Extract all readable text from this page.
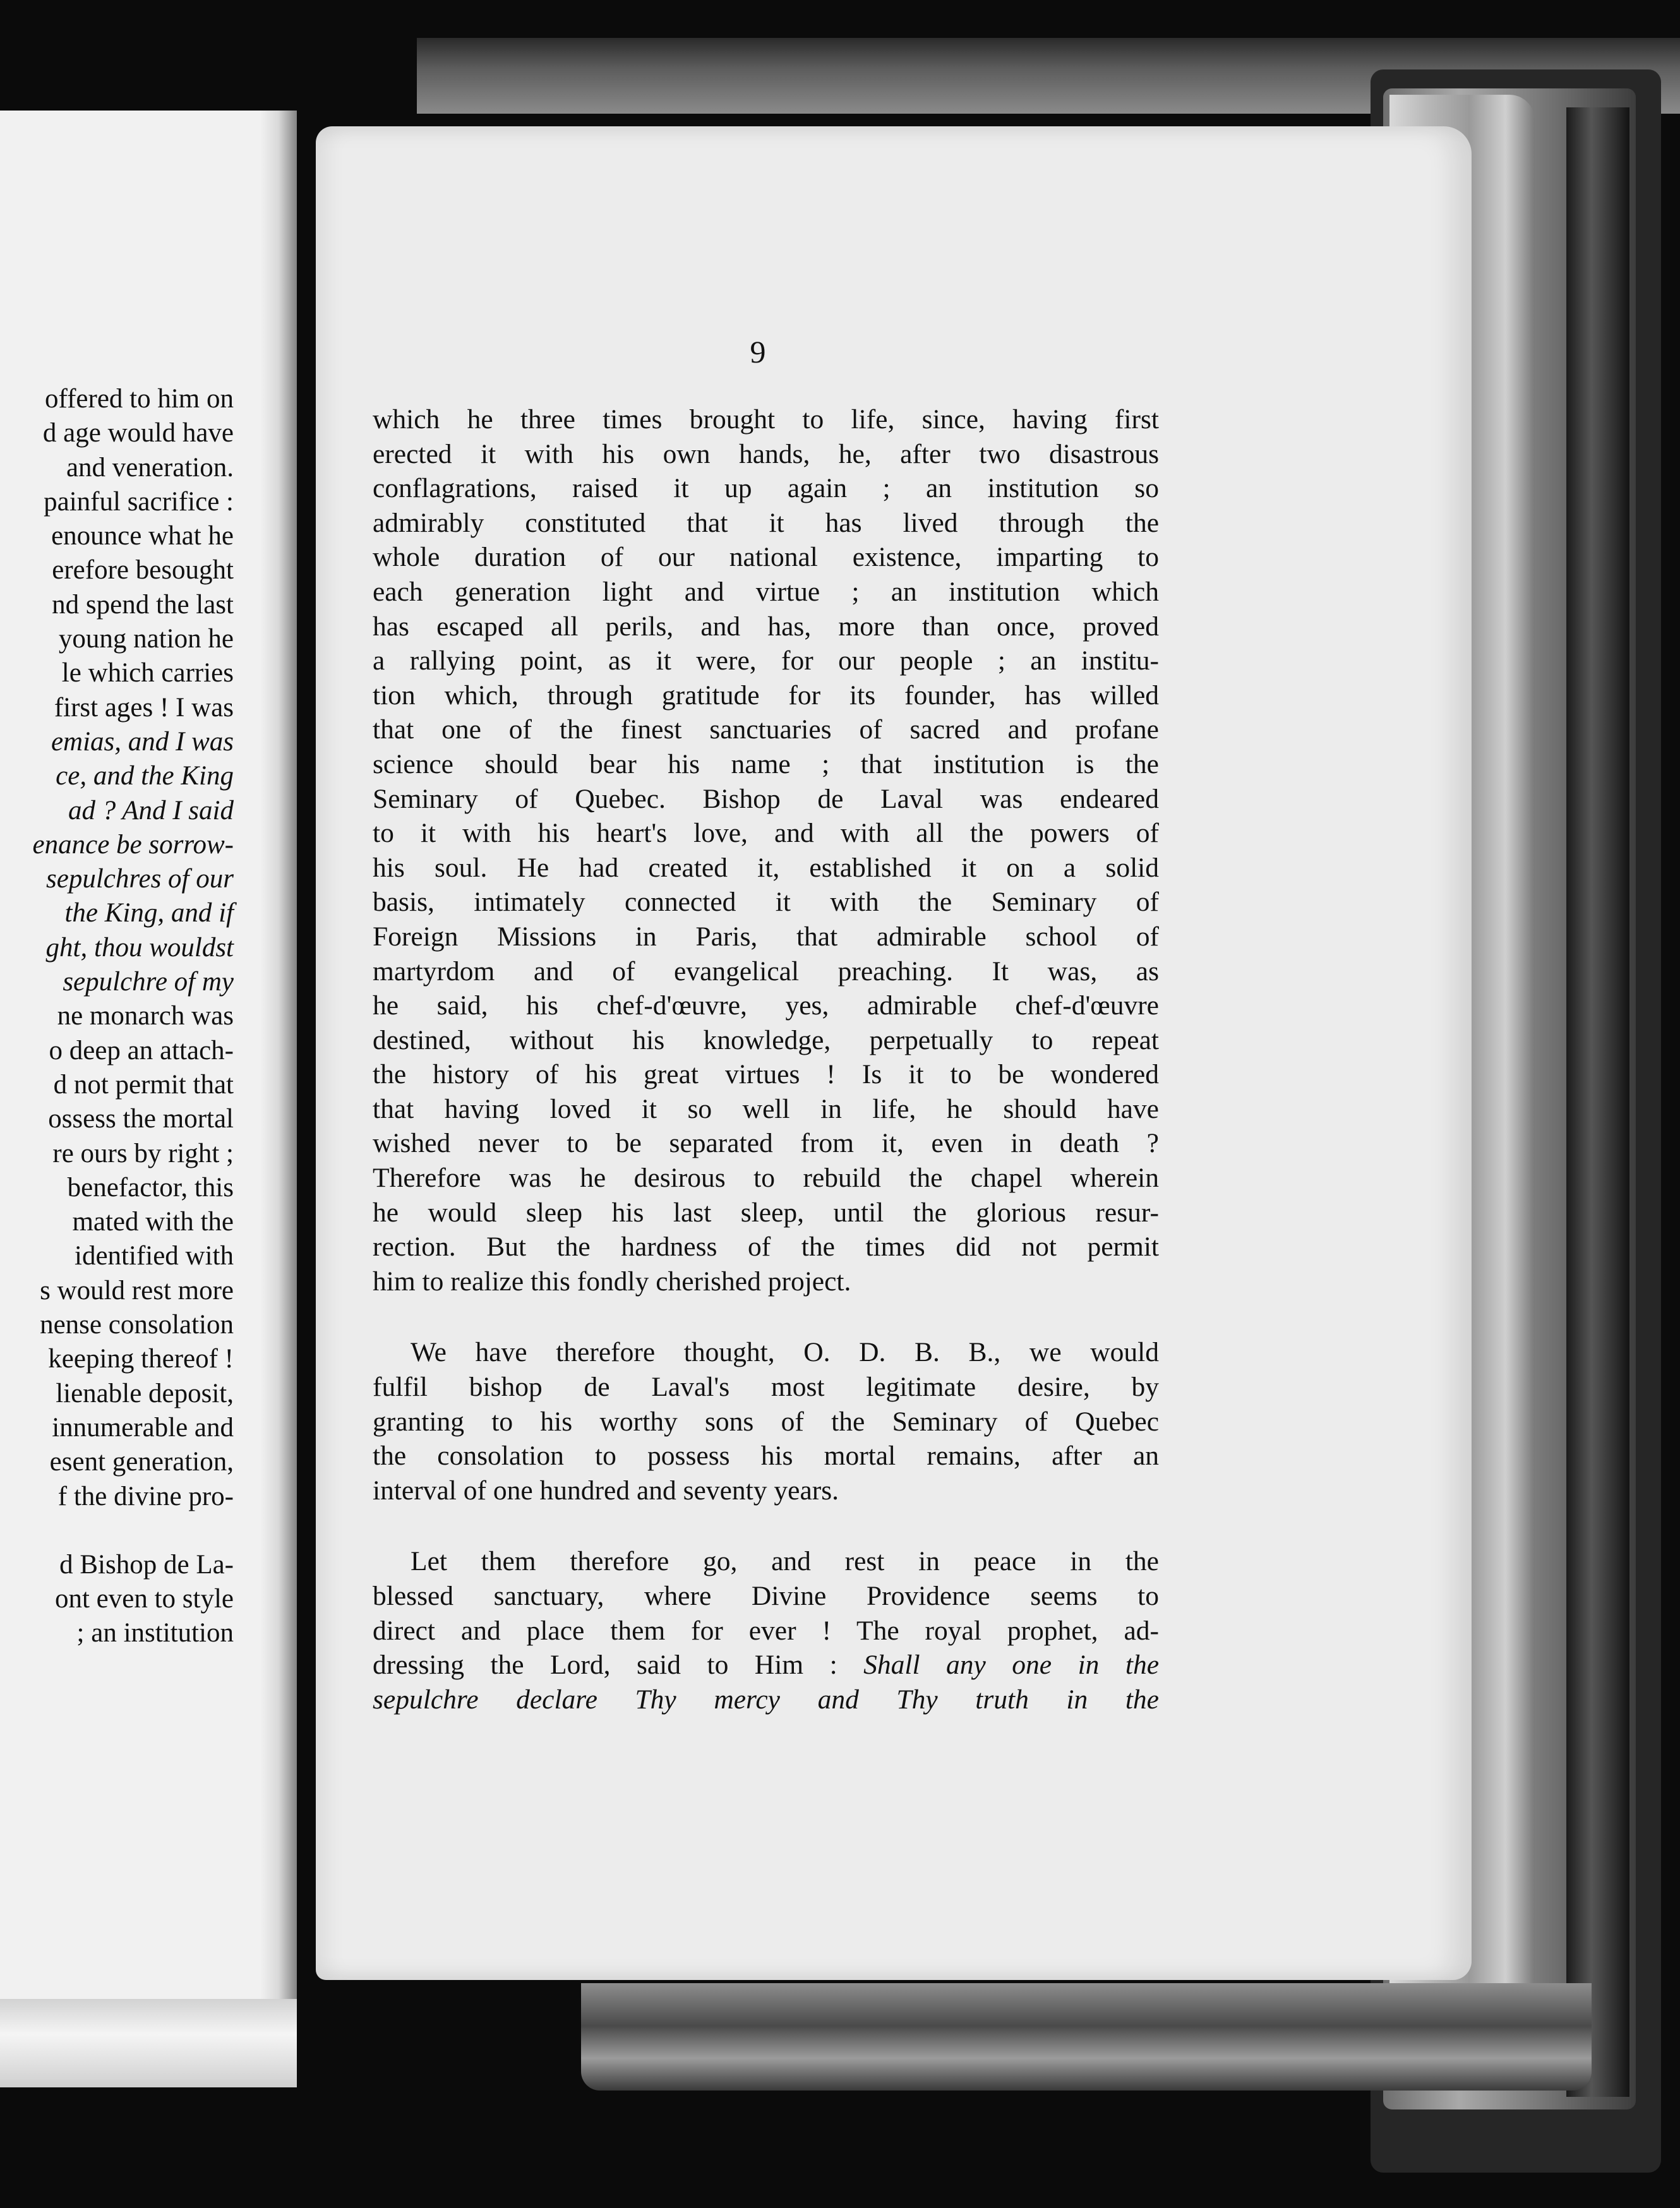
offered to him on
d age would have
and veneration.
painful sacrifice :
enounce what he
erefore besought
nd spend the last
young nation he
le which carries
first ages ! I was
emias, and I was
ce, and the King
ad ? And I said
enance be sorrow-
sepulchres of our
the King, and if
ght, thou wouldst
sepulchre of my
ne monarch was
o deep an attach-
d not permit that
ossess the mortal
re ours by right ;
benefactor, this
mated with the
identified with
s would rest more
nense consolation
keeping thereof !
lienable deposit,
innumerable and
esent generation,
f the divine pro-
d Bishop de La-
ont even to style
; an institution
9
which he three times brought to life, since, having first
erected it with his own hands, he, after two disastrous
conflagrations, raised it up again ; an institution so
admirably constituted that it has lived through the
whole duration of our national existence, imparting to
each generation light and virtue ; an institution which
has escaped all perils, and has, more than once, proved
a rallying point, as it were, for our people ; an institu-
tion which, through gratitude for its founder, has willed
that one of the finest sanctuaries of sacred and profane
science should bear his name ; that institution is the
Seminary of Quebec. Bishop de Laval was endeared
to it with his heart's love, and with all the powers of
his soul. He had created it, established it on a solid
basis, intimately connected it with the Seminary of
Foreign Missions in Paris, that admirable school of
martyrdom and of evangelical preaching. It was, as
he said, his chef-d'œuvre, yes, admirable chef-d'œuvre
destined, without his knowledge, perpetually to repeat
the history of his great virtues ! Is it to be wondered
that having loved it so well in life, he should have
wished never to be separated from it, even in death ?
Therefore was he desirous to rebuild the chapel wherein
he would sleep his last sleep, until the glorious resur-
rection. But the hardness of the times did not permit
him to realize this fondly cherished project.
We have therefore thought, O. D. B. B., we would
fulfil bishop de Laval's most legitimate desire, by
granting to his worthy sons of the Seminary of Quebec
the consolation to possess his mortal remains, after an
interval of one hundred and seventy years.
Let them therefore go, and rest in peace in the
blessed sanctuary, where Divine Providence seems to
direct and place them for ever ! The royal prophet, ad-
dressing the Lord, said to Him : Shall any one in the
sepulchre declare Thy mercy and Thy truth in the
